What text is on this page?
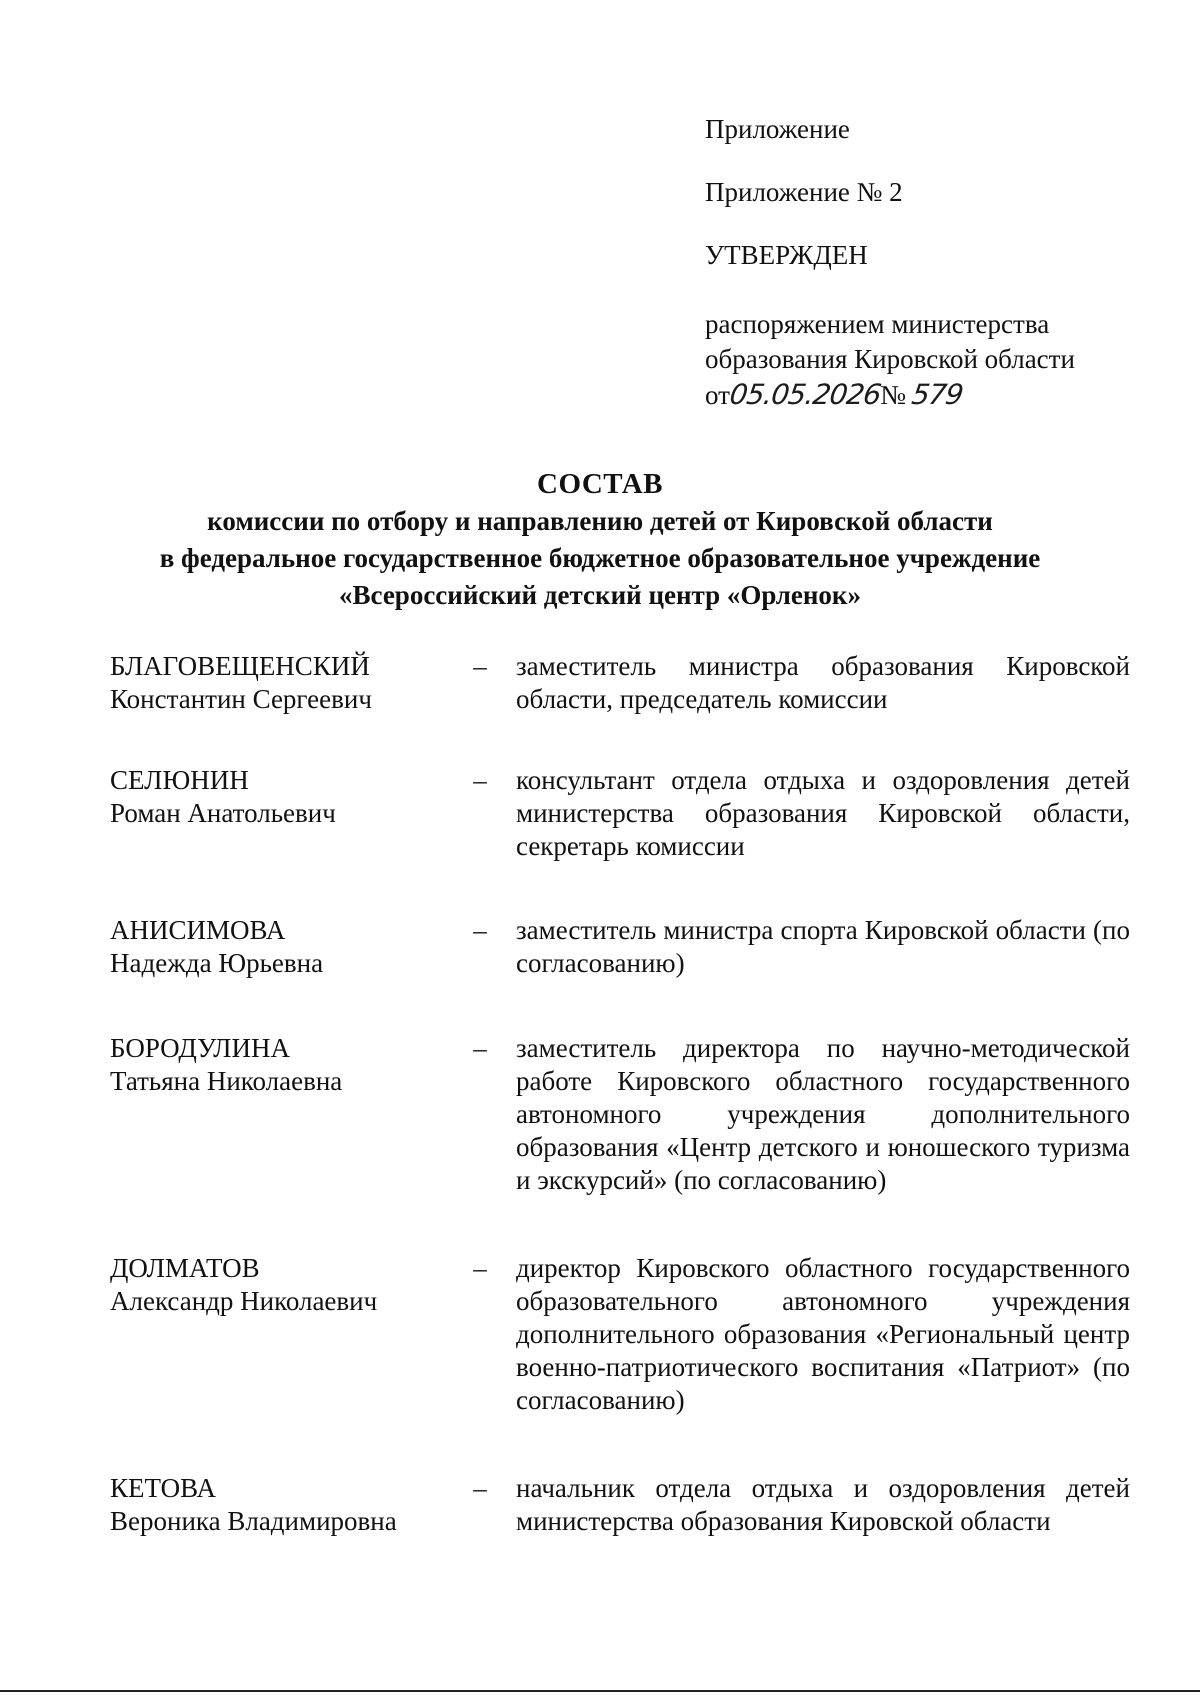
Приложение
Приложение № 2
УТВЕРЖДЕН
распоряжением министерства
образования Кировской области
от05.05.2026№ 579
СОСТАВ
комиссии по отбору и направлению детей от Кировской области
в федеральное государственное бюджетное образовательное учреждение
«Всероссийский детский центр «Орленок»
БЛАГОВЕЩЕНСКИЙ
Константин Сергеевич
–	заместитель министра образования Кировской области, председатель комиссии
СЕЛЮНИН
Роман Анатольевич
–	консультант отдела отдыха и оздоровления детей министерства образования Кировской области, секретарь комиссии
АНИСИМОВА
Надежда Юрьевна
–	заместитель министра спорта Кировской области (по согласованию)
БОРОДУЛИНА
Татьяна Николаевна
–	заместитель директора по научно-методической работе Кировского областного государственного автономного учреждения дополнительного образования «Центр детского и юношеского туризма и экскурсий» (по согласованию)
ДОЛМАТОВ
Александр Николаевич
–	директор Кировского областного государственного образовательного автономного учреждения дополнительного образования «Региональный центр военно-патриотического воспитания «Патриот» (по согласованию)
КЕТОВА
Вероника Владимировна
–	начальник отдела отдыха и оздоровления детей министерства образования Кировской области
